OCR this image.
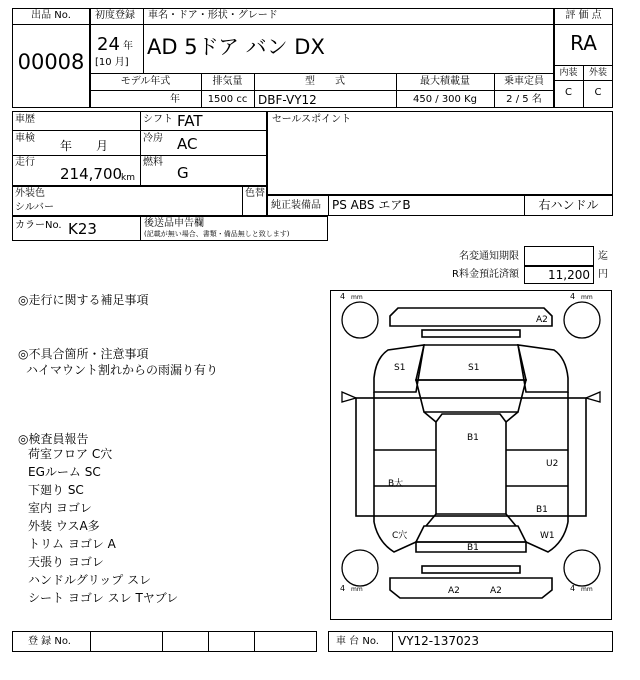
出品 No.
00008
初度登録 車名・ドア・形状・グレード
24 年
[10 月]
AD 5ドア バン DX
モデル年式	排気量	型　　式	最大積載量	乗車定員
年	1500 cc DBF-VY12	450 / 300 Kg	2 / 5 名
評 価 点
RA
内装	外装
C	C
車歴	シフト FAT
車検
年　　月
冷房 AC
走行
214,700
km
燃料
G
セールスポイント
外装色
シルバー
色替
純正装備品 PS ABS エアB	右ハンドル
カラーNo. K23	後送品申告欄
(記載が無い場合、書類・備品無しと致します)
名変通知期限	迄
R料金預託済額	11,200 円
◎走行に関する補足事項
◎不具合箇所・注意事項
ハイマウント割れからの雨漏り有り
◎検査員報告
荷室フロア C穴
EGルーム SC
下廻り SC
室内 ヨゴレ
外装 ウスA多
トリム ヨゴレ A
天張り ヨゴレ
ハンドルグリップ スレ
シート ヨゴレ スレ Tヤブレ
4 mm	4 mm
4 mm	4 mm
A2
S1	S1
B1
U2
B大
B1
C穴	W1
B1
A2	A2
登 録 No.	車 台 No. VY12-137023
